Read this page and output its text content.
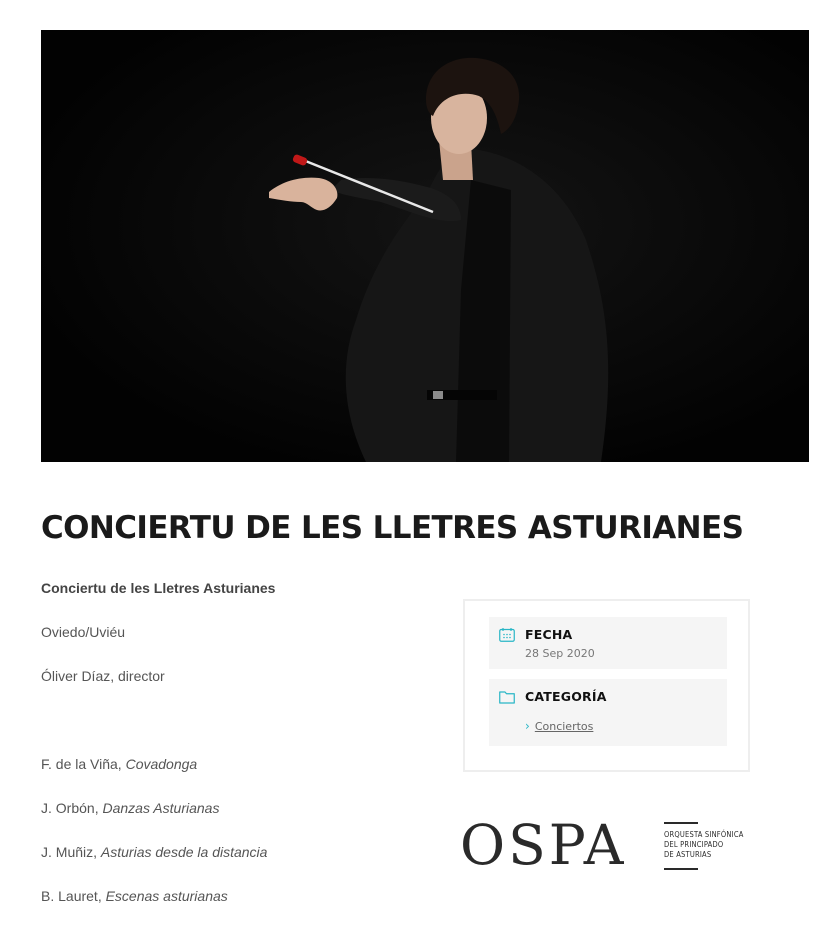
CONCIERTU DE LES LLETRES ASTURIANES

Conciertu de les Lletres Asturianes

Oviedo/Uviéu

Óliver Díaz, director

F. de la Viña, Covadonga

J. Orbón, Danzas Asturianas

J. Muñiz, Asturias desde la distancia

B. Lauret, Escenas asturianas

FECHA
28 Sep 2020
CATEGORÍA
› Conciertos
OSPA	ORQUESTA SINFÓNICA
DEL PRINCIPADO
DE ASTURIAS
